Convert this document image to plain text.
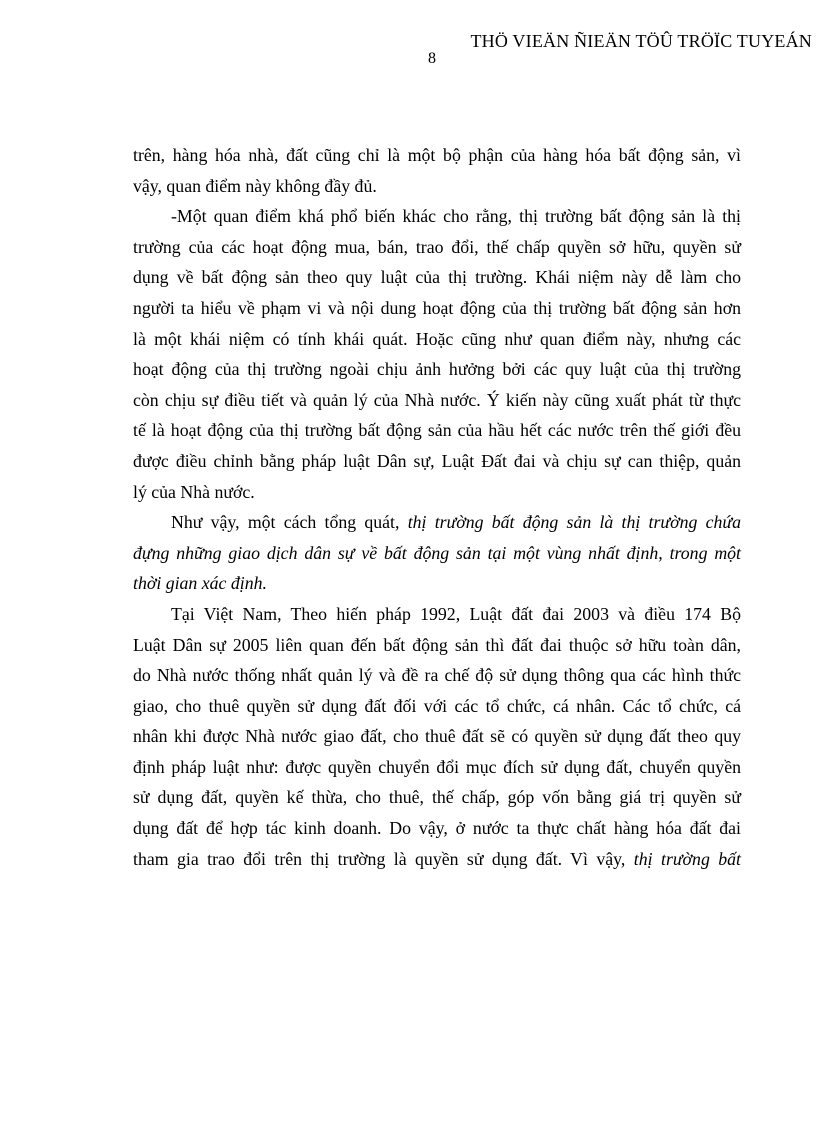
THÖ VIEÄN ÑIEÄN TÖÛ TRÖÏC TUYEÁN
8
trên, hàng hóa nhà, đất cũng chỉ là một bộ phận của hàng hóa bất động sản, vì
vậy, quan điểm này không đầy đủ.
-Một quan điểm khá phổ biến khác cho rằng, thị trường bất động sản là thị
trường của các hoạt động mua, bán, trao đổi, thế chấp quyền sở hữu, quyền sử
dụng về bất động sản theo quy luật của thị trường. Khái niệm này dễ làm cho
người ta hiểu về phạm vi và nội dung hoạt động của thị trường bất động sản hơn
là một khái niệm có tính khái quát. Hoặc cũng như quan điểm này, nhưng các
hoạt động của thị trường ngoài chịu ảnh hưởng bởi các quy luật của thị trường
còn chịu sự điều tiết và quản lý của Nhà nước. Ý kiến này cũng xuất phát từ thực
tế là hoạt động của thị trường bất động sản của hầu hết các nước trên thế giới đều
được điều chỉnh bằng pháp luật Dân sự, Luật Đất đai và chịu sự can thiệp, quản
lý của Nhà nước.
Như vậy, một cách tổng quát, thị trường bất động sản là thị trường chứa
đựng những giao dịch dân sự về bất động sản tại một vùng nhất định, trong một
thời gian xác định.
Tại Việt Nam, Theo hiến pháp 1992, Luật đất đai 2003 và điều 174 Bộ
Luật Dân sự 2005 liên quan đến bất động sản thì đất đai thuộc sở hữu toàn dân,
do Nhà nước thống nhất quản lý và đề ra chế độ sử dụng thông qua các hình thức
giao, cho thuê quyền sử dụng đất đối với các tổ chức, cá nhân. Các tổ chức, cá
nhân khi được Nhà nước giao đất, cho thuê đất sẽ có quyền sử dụng đất theo quy
định pháp luật như: được quyền chuyển đổi mục đích sử dụng đất, chuyển quyền
sử dụng đất, quyền kế thừa, cho thuê, thế chấp, góp vốn bằng giá trị quyền sử
dụng đất để hợp tác kinh doanh. Do vậy, ở nước ta thực chất hàng hóa đất đai
tham gia trao đổi trên thị trường là quyền sử dụng đất. Vì vậy, thị trường bất
